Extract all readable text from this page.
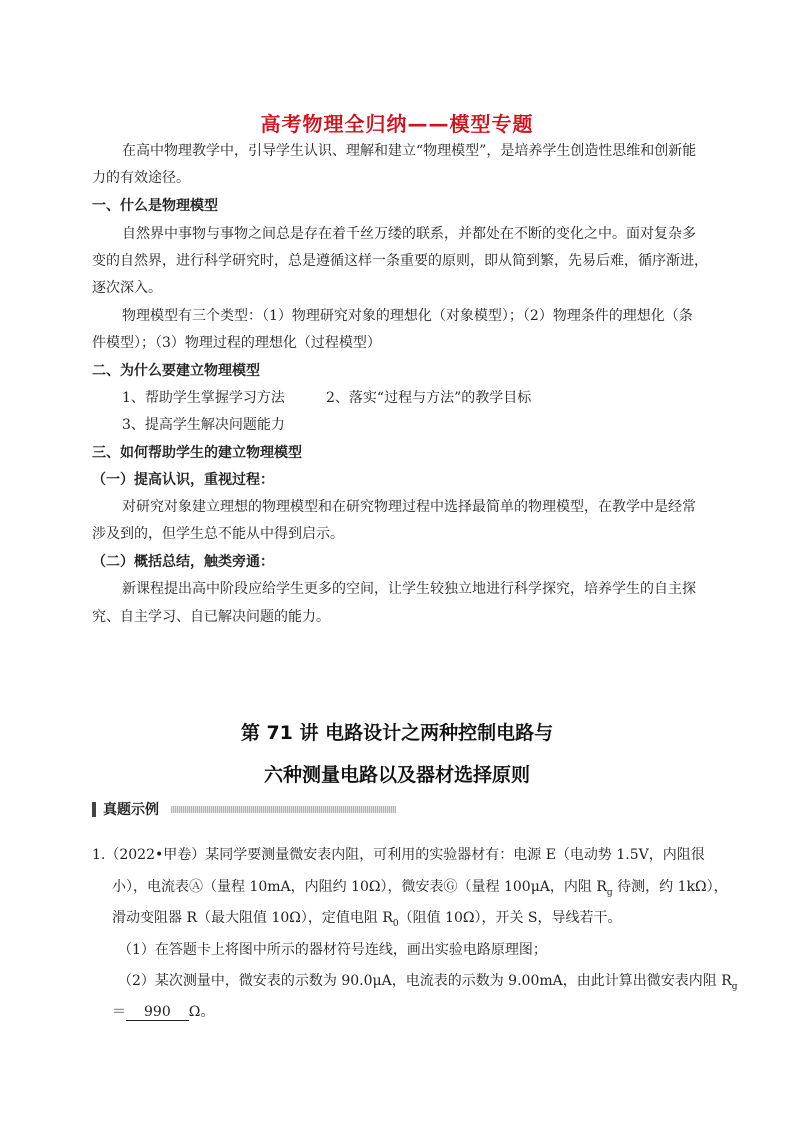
高考物理全归纳——模型专题
在高中物理教学中，引导学生认识、理解和建立“物理模型”，是培养学生创造性思维和创新能
力的有效途径。
一、什么是物理模型
自然界中事物与事物之间总是存在着千丝万缕的联系，并都处在不断的变化之中。面对复杂多
变的自然界，进行科学研究时，总是遵循这样一条重要的原则，即从简到繁，先易后难，循序渐进，
逐次深入。
物理模型有三个类型：（1）物理研究对象的理想化（对象模型）；（2）物理条件的理想化（条
件模型）；（3）物理过程的理想化（过程模型）
二、为什么要建立物理模型
1、帮助学生掌握学习方法	2、落实“过程与方法”的教学目标
3、提高学生解决问题能力
三、如何帮助学生的建立物理模型
（一）提高认识，重视过程：
对研究对象建立理想的物理模型和在研究物理过程中选择最简单的物理模型，在教学中是经常
涉及到的，但学生总不能从中得到启示。
（二）概括总结，触类旁通：
新课程提出高中阶段应给学生更多的空间，让学生较独立地进行科学探究，培养学生的自主探
究、自主学习、自已解决问题的能力。
第 71 讲 电路设计之两种控制电路与
六种测量电路以及器材选择原则
真题示例
1.（2022•甲卷）某同学要测量微安表内阻，可利用的实验器材有：电源 E（电动势 1.5V，内阻很
小），电流表Ⓐ（量程 10mA，内阻约 10Ω），微安表Ⓖ（量程 100μA，内阻 $R_g$ 待测，约 1kΩ），
滑动变阻器 R（最大阻值 10Ω），定值电阻 $R_0$（阻值 10Ω），开关 S，导线若干。
（1）在答题卡上将图中所示的器材符号连线，画出实验电路原理图；
（2）某次测量中，微安表的示数为 90.0μA，电流表的示数为 9.00mA，由此计算出微安表内阻 $R_g$
＝ 990 Ω。
